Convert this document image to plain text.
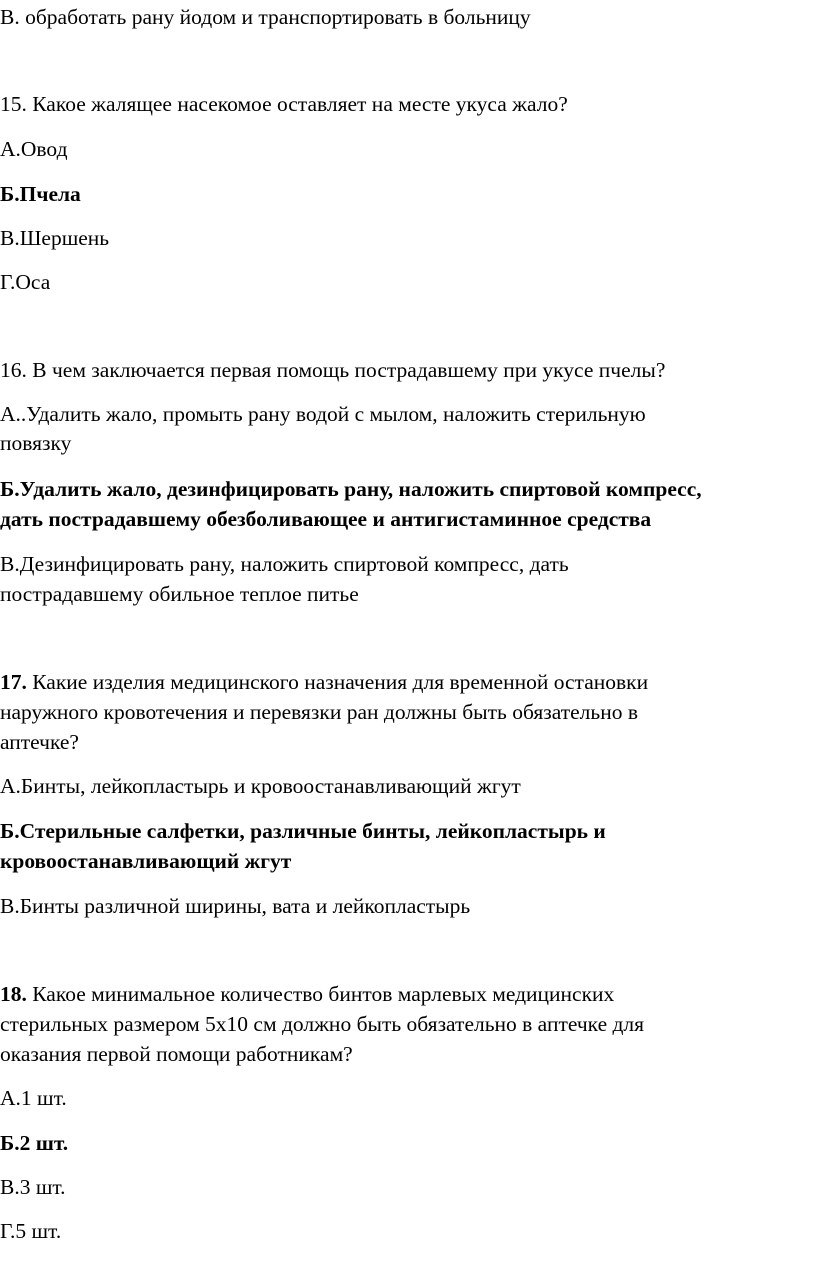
В. обработать рану йодом и транспортировать в больницу

15. Какое жалящее насекомое оставляет на месте укуса жало?

А.Овод

Б.Пчела

В.Шершень

Г.Оса

16. В чем заключается первая помощь пострадавшему при укусе пчелы?

А..Удалить жало, промыть рану водой с мылом, наложить стерильную

повязку

Б.Удалить жало, дезинфицировать рану, наложить спиртовой компресс,

дать пострадавшему обезболивающее и антигистаминное средства

В.Дезинфицировать рану, наложить спиртовой компресс, дать

пострадавшему обильное теплое питье

17. Какие изделия медицинского назначения для временной остановки

наружного кровотечения и перевязки ран должны быть обязательно в

аптечке?

А.Бинты, лейкопластырь и кровоостанавливающий жгут

Б.Стерильные салфетки, различные бинты, лейкопластырь и

кровоостанавливающий жгут

В.Бинты различной ширины, вата и лейкопластырь

18. Какое минимальное количество бинтов марлевых медицинских

стерильных размером 5х10 см должно быть обязательно в аптечке для

оказания первой помощи работникам?

А.1 шт.

Б.2 шт.

В.3 шт.

Г.5 шт.
